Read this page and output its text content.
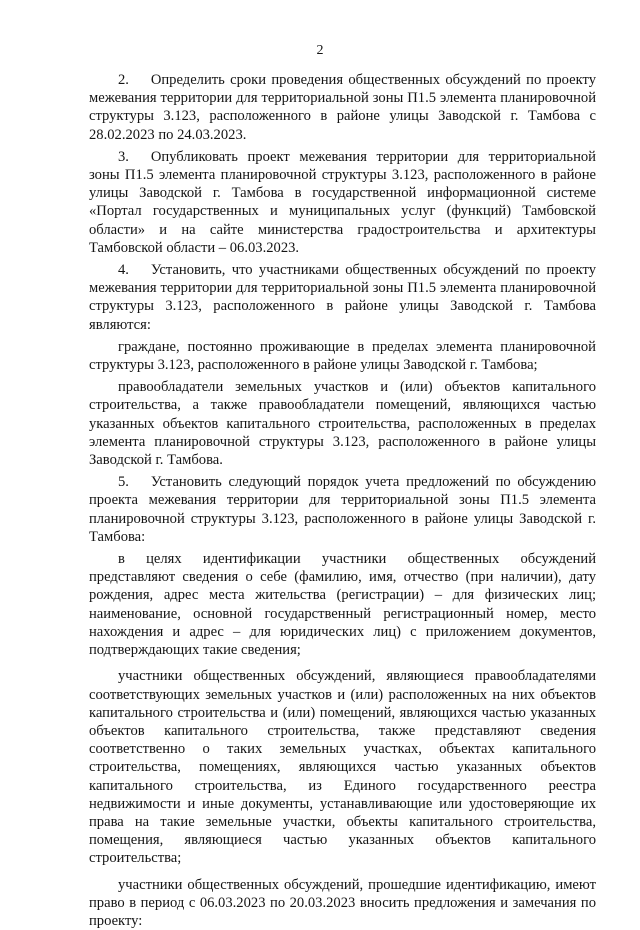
2

2.  Определить сроки проведения общественных обсуждений по проекту межевания территории для территориальной зоны П1.5 элемента планировочной структуры 3.123, расположенного в районе улицы Заводской г. Тамбова с 28.02.2023 по 24.03.2023.

3.  Опубликовать проект межевания территории для территориальной зоны П1.5 элемента планировочной структуры 3.123, расположенного в районе улицы Заводской г. Тамбова в государственной информационной системе «Портал государственных и муниципальных услуг (функций) Тамбовской области» и на сайте министерства градостроительства и архитектуры Тамбовской области – 06.03.2023.

4.  Установить, что участниками общественных обсуждений по проекту межевания территории для территориальной зоны П1.5 элемента планировочной структуры 3.123, расположенного в районе улицы Заводской г. Тамбова являются:

граждане, постоянно проживающие в пределах элемента планировочной структуры 3.123, расположенного в районе улицы Заводской г. Тамбова;

правообладатели земельных участков и (или) объектов капитального строительства, а также правообладатели помещений, являющихся частью указанных объектов капитального строительства, расположенных в пределах элемента планировочной структуры 3.123, расположенного в районе улицы Заводской г. Тамбова.

5.  Установить следующий порядок учета предложений по обсуждению проекта межевания территории для территориальной зоны П1.5 элемента планировочной структуры 3.123, расположенного в районе улицы Заводской г. Тамбова:

в целях идентификации участники общественных обсуждений представляют сведения о себе (фамилию, имя, отчество (при наличии), дату рождения, адрес места жительства (регистрации) – для физических лиц; наименование, основной государственный регистрационный номер, место нахождения и адрес – для юридических лиц) с приложением документов, подтверждающих такие сведения;

участники общественных обсуждений, являющиеся правообладателями соответствующих земельных участков и (или) расположенных на них объектов капитального строительства и (или) помещений, являющихся частью указанных объектов капитального строительства, также представляют сведения соответственно о таких земельных участках, объектах капитального строительства, помещениях, являющихся частью указанных объектов капитального строительства, из Единого государственного реестра недвижимости и иные документы, устанавливающие или удостоверяющие их права на такие земельные участки, объекты капитального строительства, помещения, являющиеся частью указанных объектов капитального строительства;

участники общественных обсуждений, прошедшие идентификацию, имеют право в период с 06.03.2023 по 20.03.2023 вносить предложения и замечания по проекту:
